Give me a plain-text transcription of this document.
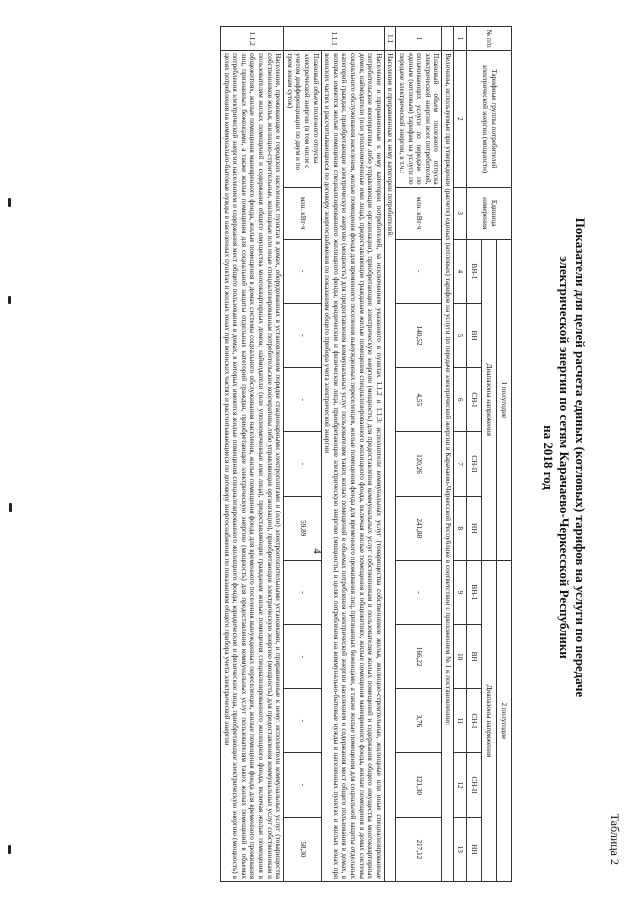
4
Таблица 2
Показатели для целей расчета единых (котловых) тарифов на услуги по передаче
электрической энергии по сетям Карачаево-Черкесской Республики
на 2018 год
№ п/п	Тарифные группы потребителей электрической энергии (мощности)	Единица измерения	1 полугодие					2 полугодие				
			Диапазоны напряжения					Диапазоны напряжения				
			ВН-1	ВН	СН-I	СН-II	НН	ВН-1	ВН	СН-I	СН-II	НН
1	2	3	4	5	6	7	8	9	10	11	12	13
	Величины, используемые при утверждении (расчете) единых (котловых) тарифов на услуги по передаче электрической энергии в Карачаево-Черкесской Республике в соответствии с приложением № 1 к постановлению:											
1	Плановый объем полезного отпуска электрической энергии всех потребителей, оплачивающих услуги по передаче по единым (котловым) тарифам на услуги по передаче электрической энергии, в т.ч.:	млн. кВт·ч	-	140,52	4,55	120,26	241,88	-	166,22	3,76	121,30	217,12
1.1	Население и приравненные к нему категории потребителей:											
1.1.1	Население и приравненные к нему категории потребителей, за исключением указанного в пунктах 1.1.2 и 1.1.3: исполнители коммунальных услуг (товарищества собственников жилья, жилищно-строительные, жилищные или иные специализированные потребительские кооперативы либо управляющие организации), приобретающие электрическую энергию (мощность) для предоставления коммунальных услуг собственникам и пользователям жилых помещений и содержания общего имущества многоквартирных домов; наймодатели (или уполномоченные ими лица), предоставляющие гражданам жилые помещения специализированного жилищного фонда, включая жилые помещения в общежитиях, жилые помещения маневренного фонда, жилые помещения в домах системы социального обслуживания населения, жилые помещения фонда для временного поселения вынужденных переселенцев, жилые помещения фонда для временного проживания лиц, признанных беженцами, а также жилые помещения для социальной защиты отдельных категорий граждан, приобретающие электрическую энергию (мощность) для предоставления коммунальных услуг пользователям таких жилых помещений в объемах потребления электрической энергии населением и содержания мест общего пользования в домах, в которых имеются жилые помещения специализированного жилищного фонда; юридические и физические лица, приобретающие электрическую энергию (мощность) в целях потребления на коммунально-бытовые нужды в населенных пунктах и жилых зонах при воинских частях и рассчитывающиеся по договору энергоснабжения по показаниям общего прибора учета электрической энергии											
	Плановый объем полезного отпуска электрической энергии (в том числе с учетом дифференциации по двум и по трем зонам суток)	млн. кВт·ч	-	-	-	-	59,89	-	-	-	-	58,30
1.1.2	Население, проживающее в городских населенных пунктах в домах, оборудованных в установленном порядке стационарными электроплитами и (или) электроотопительными установками, и приравненные к нему: исполнители коммунальных услуг (товарищества собственников жилья, жилищно-строительные, жилищные или иные специализированные потребительские кооперативы либо управляющие организации), приобретающие электрическую энергию (мощность) для предоставления коммунальных услуг собственникам и пользователям жилых помещений и содержания общего имущества многоквартирных домов; наймодатели (или уполномоченные ими лица), предоставляющие гражданам жилые помещения специализированного жилищного фонда, включая жилые помещения в общежитиях, жилые помещения маневренного фонда, жилые помещения в домах системы социального обслуживания населения, жилые помещения фонда для временного поселения вынужденных переселенцев, жилые помещения фонда для временного проживания лиц, признанных беженцами, а также жилые помещения для социальной защиты отдельных категорий граждан, приобретающие электрическую энергию (мощность) для предоставления коммунальных услуг пользователям таких жилых помещений в объемах потребления электрической энергии населением и содержания мест общего пользования в домах, в которых имеются жилые помещения специализированного жилищного фонда; юридические и физические лица, приобретающие электрическую энергию (мощность) в целях потребления на коммунально-бытовые нужды в населенных пунктах и жилых зонах при воинских частях и рассчитывающиеся по договору энергоснабжения по показаниям общего прибора учета электрической энергии											
